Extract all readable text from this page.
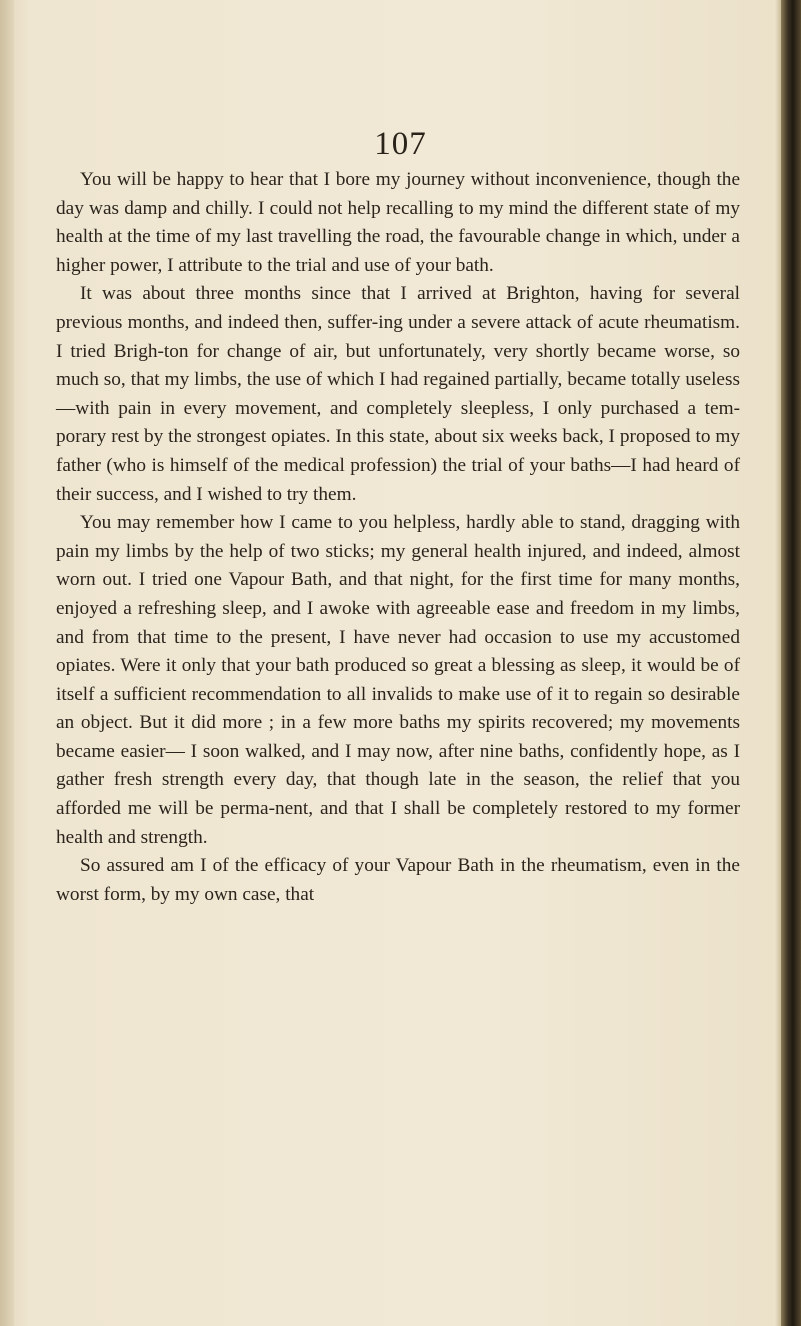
107

You will be happy to hear that I bore my journey without inconvenience, though the day was damp and chilly. I could not help recalling to my mind the different state of my health at the time of my last travelling the road, the favourable change in which, under a higher power, I attribute to the trial and use of your bath.

It was about three months since that I arrived at Brighton, having for several previous months, and indeed then, suffer-ing under a severe attack of acute rheumatism. I tried Brigh-ton for change of air, but unfortunately, very shortly became worse, so much so, that my limbs, the use of which I had regained partially, became totally useless—with pain in every movement, and completely sleepless, I only purchased a tem-porary rest by the strongest opiates. In this state, about six weeks back, I proposed to my father (who is himself of the medical profession) the trial of your baths—I had heard of their success, and I wished to try them.

You may remember how I came to you helpless, hardly able to stand, dragging with pain my limbs by the help of two sticks; my general health injured, and indeed, almost worn out. I tried one Vapour Bath, and that night, for the first time for many months, enjoyed a refreshing sleep, and I awoke with agreeable ease and freedom in my limbs, and from that time to the present, I have never had occasion to use my accustomed opiates. Were it only that your bath produced so great a blessing as sleep, it would be of itself a sufficient recommendation to all invalids to make use of it to regain so desirable an object. But it did more ; in a few more baths my spirits recovered; my movements became easier— I soon walked, and I may now, after nine baths, confidently hope, as I gather fresh strength every day, that though late in the season, the relief that you afforded me will be perma-nent, and that I shall be completely restored to my former health and strength.

So assured am I of the efficacy of your Vapour Bath in the rheumatism, even in the worst form, by my own case, that
